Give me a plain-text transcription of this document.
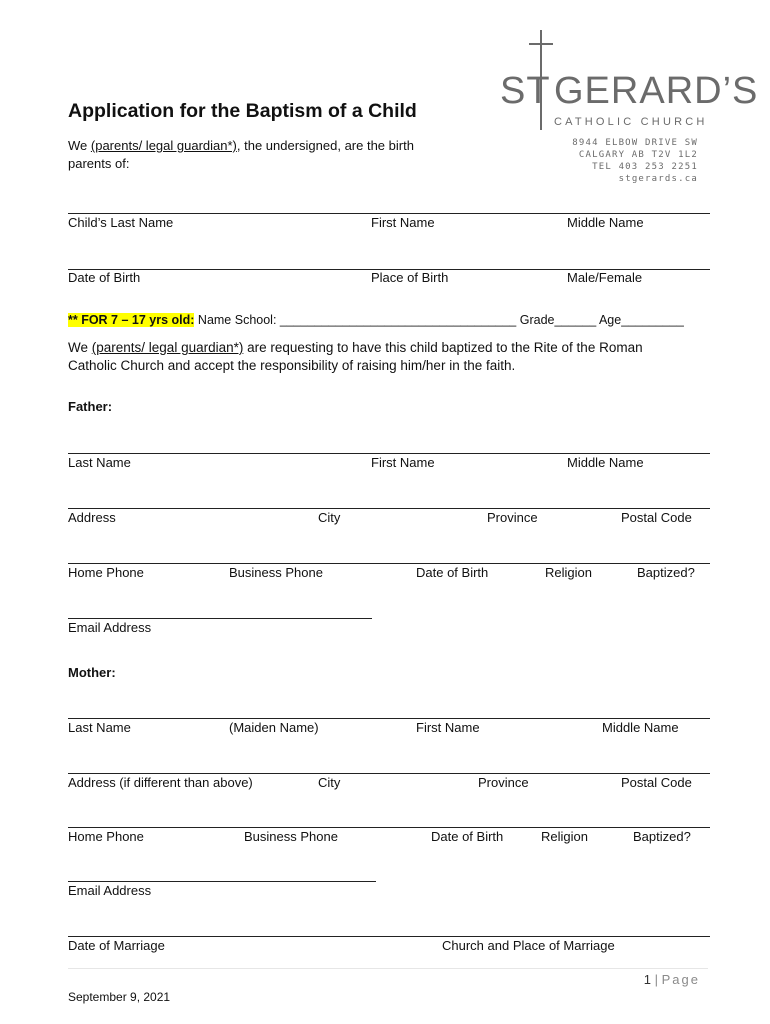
ST GERARD’S
CATHOLIC CHURCH
8944 ELBOW DRIVE SW
CALGARY AB T2V 1L2
TEL 403 253 2251
stgerards.ca
Application for the Baptism of a Child
We (parents/ legal guardian*), the undersigned, are the birth
parents of:
Child’s Last Name	First Name	Middle Name
Date of Birth	Place of Birth	Male/Female
** FOR 7 – 17 yrs old: Name School: __________________________________ Grade______ Age_________
We (parents/ legal guardian*) are requesting to have this child baptized to the Rite of the Roman
Catholic Church and accept the responsibility of raising him/her in the faith.
Father:
Last Name	First Name	Middle Name
Address	City	Province	Postal Code
Home Phone	Business Phone	Date of Birth	Religion	Baptized?
Email Address
Mother:
Last Name	(Maiden Name)	First Name	Middle Name
Address (if different than above)	City	Province	Postal Code
Home Phone	Business Phone	Date of Birth	Religion	Baptized?
Email Address
Date of Marriage	Church and Place of Marriage
1 | Page
September 9, 2021
